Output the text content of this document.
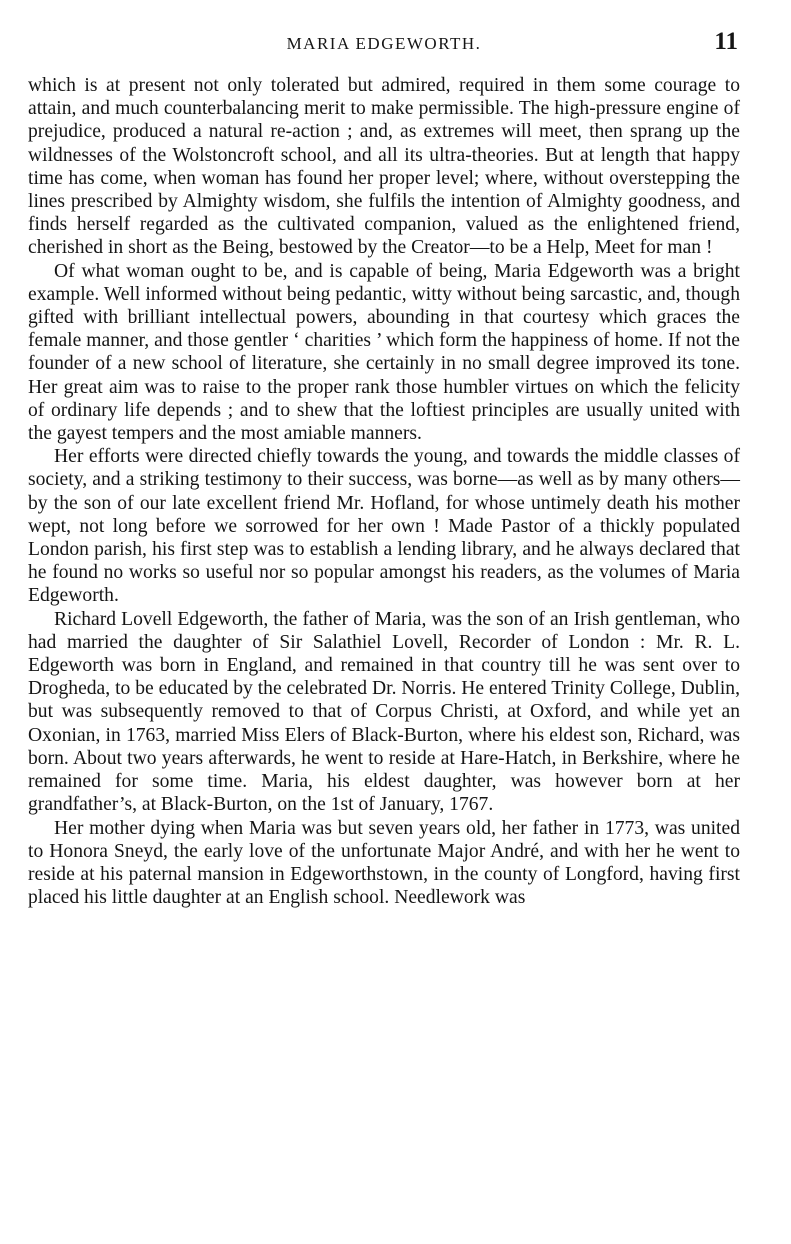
MARIA EDGEWORTH.	11

which is at present not only tolerated but admired, required in them some courage to attain, and much counterbalancing merit to make permissible. The high-pressure engine of prejudice, produced a natural re-action ; and, as extremes will meet, then sprang up the wildnesses of the Wolstoncroft school, and all its ultra-theories. But at length that happy time has come, when woman has found her proper level; where, without overstepping the lines prescribed by Almighty wisdom, she fulfils the intention of Almighty goodness, and finds herself regarded as the cultivated companion, valued as the enlightened friend, cherished in short as the Being, bestowed by the Creator—to be a Help, Meet for man !

Of what woman ought to be, and is capable of being, Maria Edgeworth was a bright example. Well informed without being pedantic, witty without being sarcastic, and, though gifted with brilliant intellectual powers, abounding in that courtesy which graces the female manner, and those gentler ‘ charities ’ which form the happiness of home. If not the founder of a new school of literature, she certainly in no small degree improved its tone. Her great aim was to raise to the proper rank those humbler virtues on which the felicity of ordinary life depends ; and to shew that the loftiest principles are usually united with the gayest tempers and the most amiable manners.

Her efforts were directed chiefly towards the young, and towards the middle classes of society, and a striking testimony to their success, was borne—as well as by many others—by the son of our late excellent friend Mr. Hofland, for whose untimely death his mother wept, not long before we sorrowed for her own ! Made Pastor of a thickly populated London parish, his first step was to establish a lending library, and he always declared that he found no works so useful nor so popular amongst his readers, as the volumes of Maria Edgeworth.

Richard Lovell Edgeworth, the father of Maria, was the son of an Irish gentleman, who had married the daughter of Sir Salathiel Lovell, Recorder of London : Mr. R. L. Edgeworth was born in England, and remained in that country till he was sent over to Drogheda, to be educated by the celebrated Dr. Norris. He entered Trinity College, Dublin, but was subsequently removed to that of Corpus Christi, at Oxford, and while yet an Oxonian, in 1763, married Miss Elers of Black-Burton, where his eldest son, Richard, was born. About two years afterwards, he went to reside at Hare-Hatch, in Berkshire, where he remained for some time. Maria, his eldest daughter, was however born at her grandfather’s, at Black-Burton, on the 1st of January, 1767.

Her mother dying when Maria was but seven years old, her father in 1773, was united to Honora Sneyd, the early love of the unfortunate Major André, and with her he went to reside at his paternal mansion in Edgeworthstown, in the county of Longford, having first placed his little daughter at an English school. Needlework was
